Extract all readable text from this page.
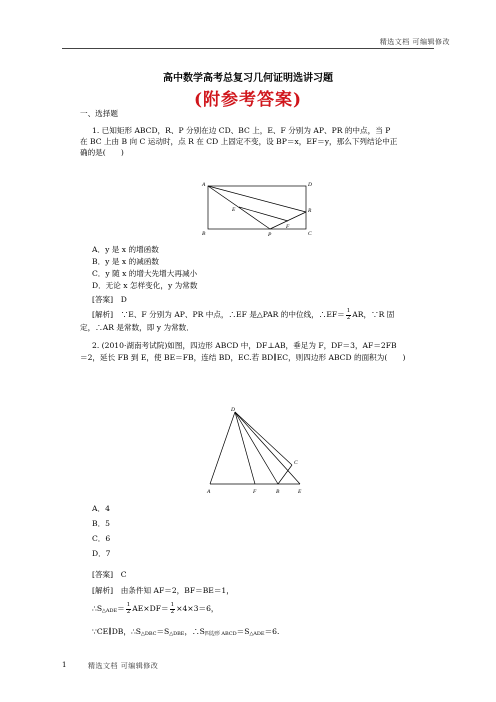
精选文档 可编辑修改
高中数学高考总复习几何证明选讲习题
(附参考答案)
一、选择题
1. 已知矩形 ABCD，R、P 分别在边 CD、BC 上，E、F 分别为 AP、PR 的中点，当 P
在 BC 上由 B 向 C 运动时，点 R 在 CD 上固定不变，设 BP＝x，EF＝y，那么下列结论中正
确的是(　　)
A	D
B	C
E	R
P
F
A．y 是 x 的增函数
B．y 是 x 的减函数
C．y 随 x 的增大先增大再减小
D．无论 x 怎样变化，y 为常数
[答案]　D
[解析]　∵E、F 分别为 AP、PR 中点，∴EF 是△PAR 的中位线，∴EF＝ $\frac{1}{2}$ AR，∵R 固
定，∴AR 是常数，即 y 为常数．
2. (2010·湖南考试院)如图，四边形 ABCD 中，DF⊥AB，垂足为 F，DF＝3，AF＝2FB
＝2，延长 FB 到 E，使 BE＝FB，连结 BD，EC.若 BD∥EC，则四边形 ABCD 的面积为(　　)
D
C
A	F	B	E
A．4
B．5
C．6
D．7
[答案]　C
[解析]　由条件知 AF＝2，BF＝BE＝1，
$\therefore S_{\triangle ADE}= \frac{1}{2} AE\times DF= \frac{1}{2} \times 4\times 3=6$，
∵CE∥DB，$\therefore S_{\triangle DBC}=S_{\triangle DBE}$，$\therefore S_{四边形 ABCD}=S_{\triangle ADE}=6$.
1	精选文档 可编辑修改
